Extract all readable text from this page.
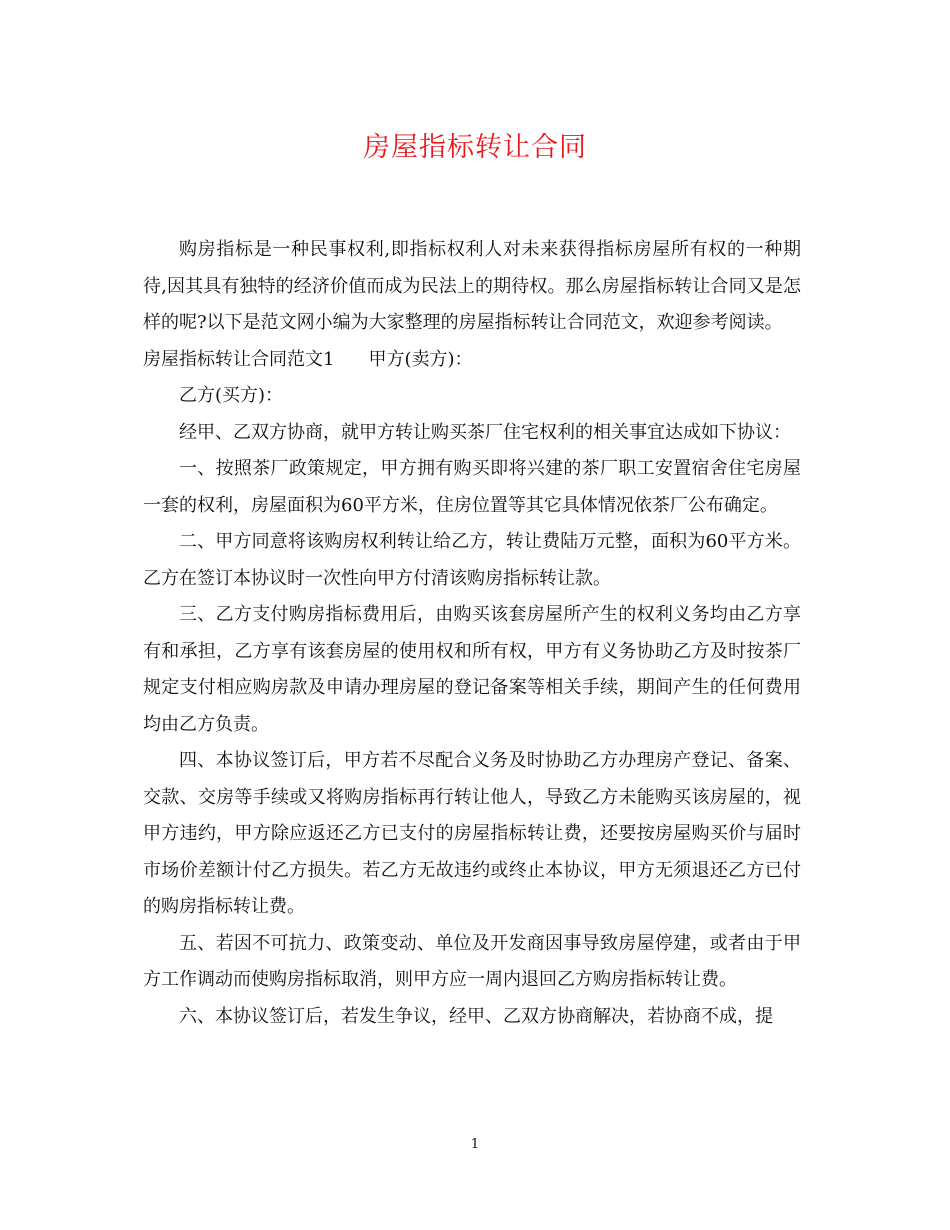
房屋指标转让合同

购房指标是一种民事权利,即指标权利人对未来获得指标房屋所有权的一种期待,因其具有独特的经济价值而成为民法上的期待权。那么房屋指标转让合同又是怎样的呢?以下是范文网小编为大家整理的房屋指标转让合同范文，欢迎参考阅读。

房屋指标转让合同范文1 甲方(卖方)：

乙方(买方)：

经甲、乙双方协商，就甲方转让购买茶厂住宅权利的相关事宜达成如下协议：

一、按照茶厂政策规定，甲方拥有购买即将兴建的茶厂职工安置宿舍住宅房屋一套的权利，房屋面积为60平方米，住房位置等其它具体情况依茶厂公布确定。

二、甲方同意将该购房权利转让给乙方，转让费陆万元整，面积为60平方米。乙方在签订本协议时一次性向甲方付清该购房指标转让款。

三、乙方支付购房指标费用后，由购买该套房屋所产生的权利义务均由乙方享有和承担，乙方享有该套房屋的使用权和所有权，甲方有义务协助乙方及时按茶厂规定支付相应购房款及申请办理房屋的登记备案等相关手续，期间产生的任何费用均由乙方负责。

四、本协议签订后，甲方若不尽配合义务及时协助乙方办理房产登记、备案、交款、交房等手续或又将购房指标再行转让他人，导致乙方未能购买该房屋的，视甲方违约，甲方除应返还乙方已支付的房屋指标转让费，还要按房屋购买价与届时市场价差额计付乙方损失。若乙方无故违约或终止本协议，甲方无须退还乙方已付的购房指标转让费。

五、若因不可抗力、政策变动、单位及开发商因事导致房屋停建，或者由于甲方工作调动而使购房指标取消，则甲方应一周内退回乙方购房指标转让费。

六、本协议签订后，若发生争议，经甲、乙双方协商解决，若协商不成，提

1
